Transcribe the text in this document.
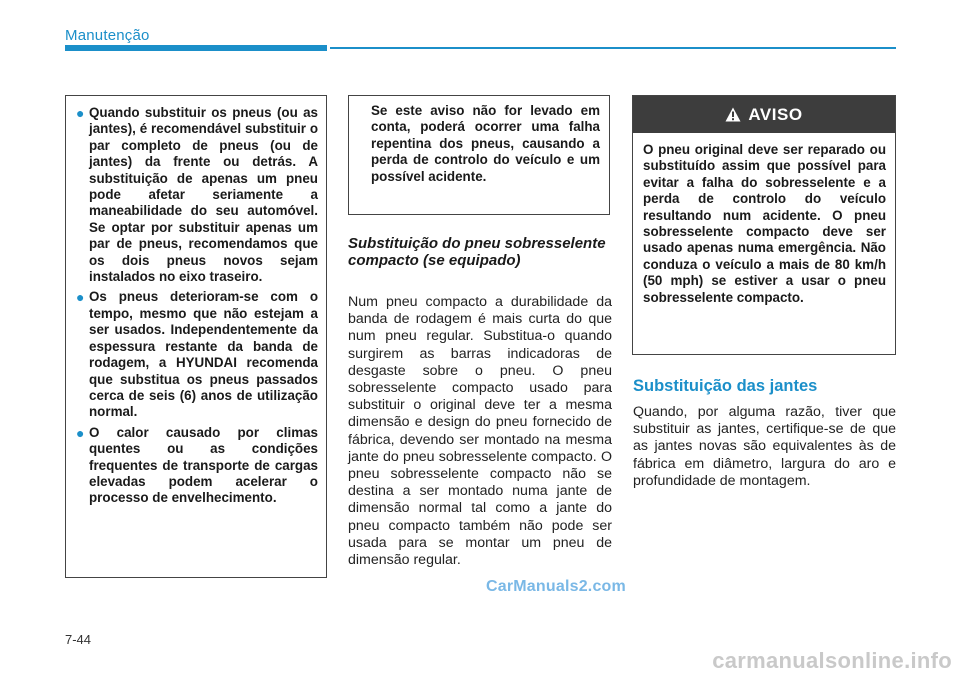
Manutenção
● Quando substituir os pneus (ou as jantes), é recomendável substituir o par completo de pneus (ou de jantes) da frente ou detrás. A substituição de apenas um pneu pode afetar seriamente a maneabilidade do seu automóvel. Se optar por substituir apenas um par de pneus, recomendamos que os dois pneus novos sejam instalados no eixo traseiro.
● Os pneus deterioram-se com o tempo, mesmo que não estejam a ser usados. Independentemente da espessura restante da banda de rodagem, a HYUNDAI recomenda que substitua os pneus passados cerca de seis (6) anos de utilização normal.
● O calor causado por climas quentes ou as condições frequentes de transporte de cargas elevadas podem acelerar o processo de envelhecimento.

Se este aviso não for levado em conta, poderá ocorrer uma falha repentina dos pneus, causando a perda de controlo do veículo e um possível acidente.

Substituição do pneu sobresselente compacto (se equipado)

Num pneu compacto a durabilidade da banda de rodagem é mais curta do que num pneu regular. Substitua-o quando surgirem as barras indicadoras de desgaste sobre o pneu. O pneu sobresselente compacto usado para substituir o original deve ter a mesma dimensão e design do pneu fornecido de fábrica, devendo ser montado na mesma jante do pneu sobresselente compacto. O pneu sobresselente compacto não se destina a ser montado numa jante de dimensão normal tal como a jante do pneu compacto também não pode ser usada para se montar um pneu de dimensão regular.

AVISO

O pneu original deve ser reparado ou substituído assim que possível para evitar a falha do sobresselente e a perda de controlo do veículo resultando num acidente. O pneu sobresselente compacto deve ser usado apenas numa emergência. Não conduza o veículo a mais de 80 km/h (50 mph) se estiver a usar o pneu sobresselente compacto.

Substituição das jantes

Quando, por alguma razão, tiver que substituir as jantes, certifique-se de que as jantes novas são equivalentes às de fábrica em diâmetro, largura do aro e profundidade de montagem.

7-44
CarManuals2.com
carmanualsonline.info
